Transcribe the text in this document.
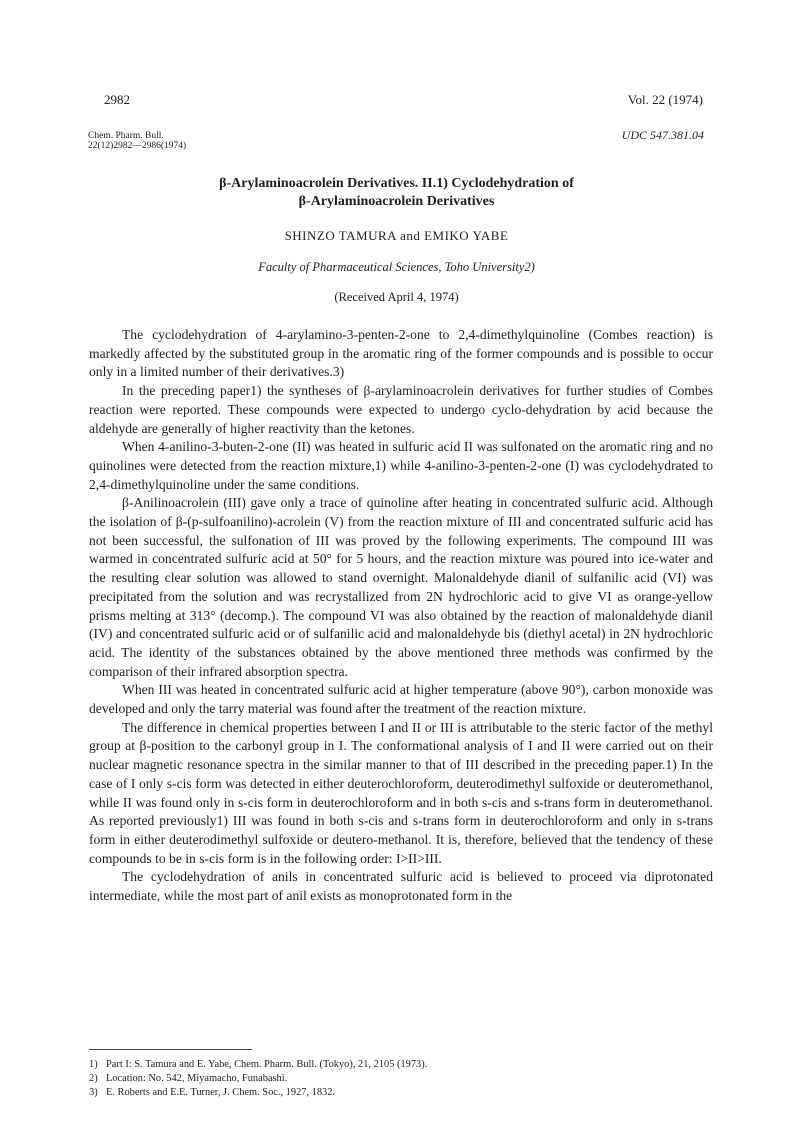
2982	Vol. 22 (1974)
Chem. Pharm. Bull.
22(12)2982—2986(1974)
UDC 547.381.04
β-Arylaminoacrolein Derivatives. II.1) Cyclodehydration of
β-Arylaminoacrolein Derivatives
SHINZO TAMURA and EMIKO YABE
Faculty of Pharmaceutical Sciences, Toho University2)
(Received April 4, 1974)

The cyclodehydration of 4-arylamino-3-penten-2-one to 2,4-dimethylquinoline (Combes reaction) is markedly affected by the substituted group in the aromatic ring of the former compounds and is possible to occur only in a limited number of their derivatives.3)

In the preceding paper1) the syntheses of β-arylaminoacrolein derivatives for further studies of Combes reaction were reported. These compounds were expected to undergo cyclo-dehydration by acid because the aldehyde are generally of higher reactivity than the ketones.

When 4-anilino-3-buten-2-one (II) was heated in sulfuric acid II was sulfonated on the aromatic ring and no quinolines were detected from the reaction mixture,1) while 4-anilino-3-penten-2-one (I) was cyclodehydrated to 2,4-dimethylquinoline under the same conditions.

β-Anilinoacrolein (III) gave only a trace of quinoline after heating in concentrated sulfuric acid. Although the isolation of β-(p-sulfoanilino)-acrolein (V) from the reaction mixture of III and concentrated sulfuric acid has not been successful, the sulfonation of III was proved by the following experiments. The compound III was warmed in concentrated sulfuric acid at 50° for 5 hours, and the reaction mixture was poured into ice-water and the resulting clear solution was allowed to stand overnight. Malonaldehyde dianil of sulfanilic acid (VI) was precipitated from the solution and was recrystallized from 2N hydrochloric acid to give VI as orange-yellow prisms melting at 313° (decomp.). The compound VI was also obtained by the reaction of malonaldehyde dianil (IV) and concentrated sulfuric acid or of sulfanilic acid and malonaldehyde bis (diethyl acetal) in 2N hydrochloric acid. The identity of the substances obtained by the above mentioned three methods was confirmed by the comparison of their infrared absorption spectra.

When III was heated in concentrated sulfuric acid at higher temperature (above 90°), carbon monoxide was developed and only the tarry material was found after the treatment of the reaction mixture.

The difference in chemical properties between I and II or III is attributable to the steric factor of the methyl group at β-position to the carbonyl group in I. The conformational analysis of I and II were carried out on their nuclear magnetic resonance spectra in the similar manner to that of III described in the preceding paper.1) In the case of I only s-cis form was detected in either deuterochloroform, deuterodimethyl sulfoxide or deuteromethanol, while II was found only in s-cis form in deuterochloroform and in both s-cis and s-trans form in deuteromethanol. As reported previously1) III was found in both s-cis and s-trans form in deuterochloroform and only in s-trans form in either deuterodimethyl sulfoxide or deutero-methanol. It is, therefore, believed that the tendency of these compounds to be in s-cis form is in the following order: I>II>III.

The cyclodehydration of anils in concentrated sulfuric acid is believed to proceed via diprotonated intermediate, while the most part of anil exists as monoprotonated form in the

1) Part I: S. Tamura and E. Yabe, Chem. Pharm. Bull. (Tokyo), 21, 2105 (1973).
2) Location: No. 542, Miyamacho, Funabashi.
3) E. Roberts and E.E. Turner, J. Chem. Soc., 1927, 1832.
